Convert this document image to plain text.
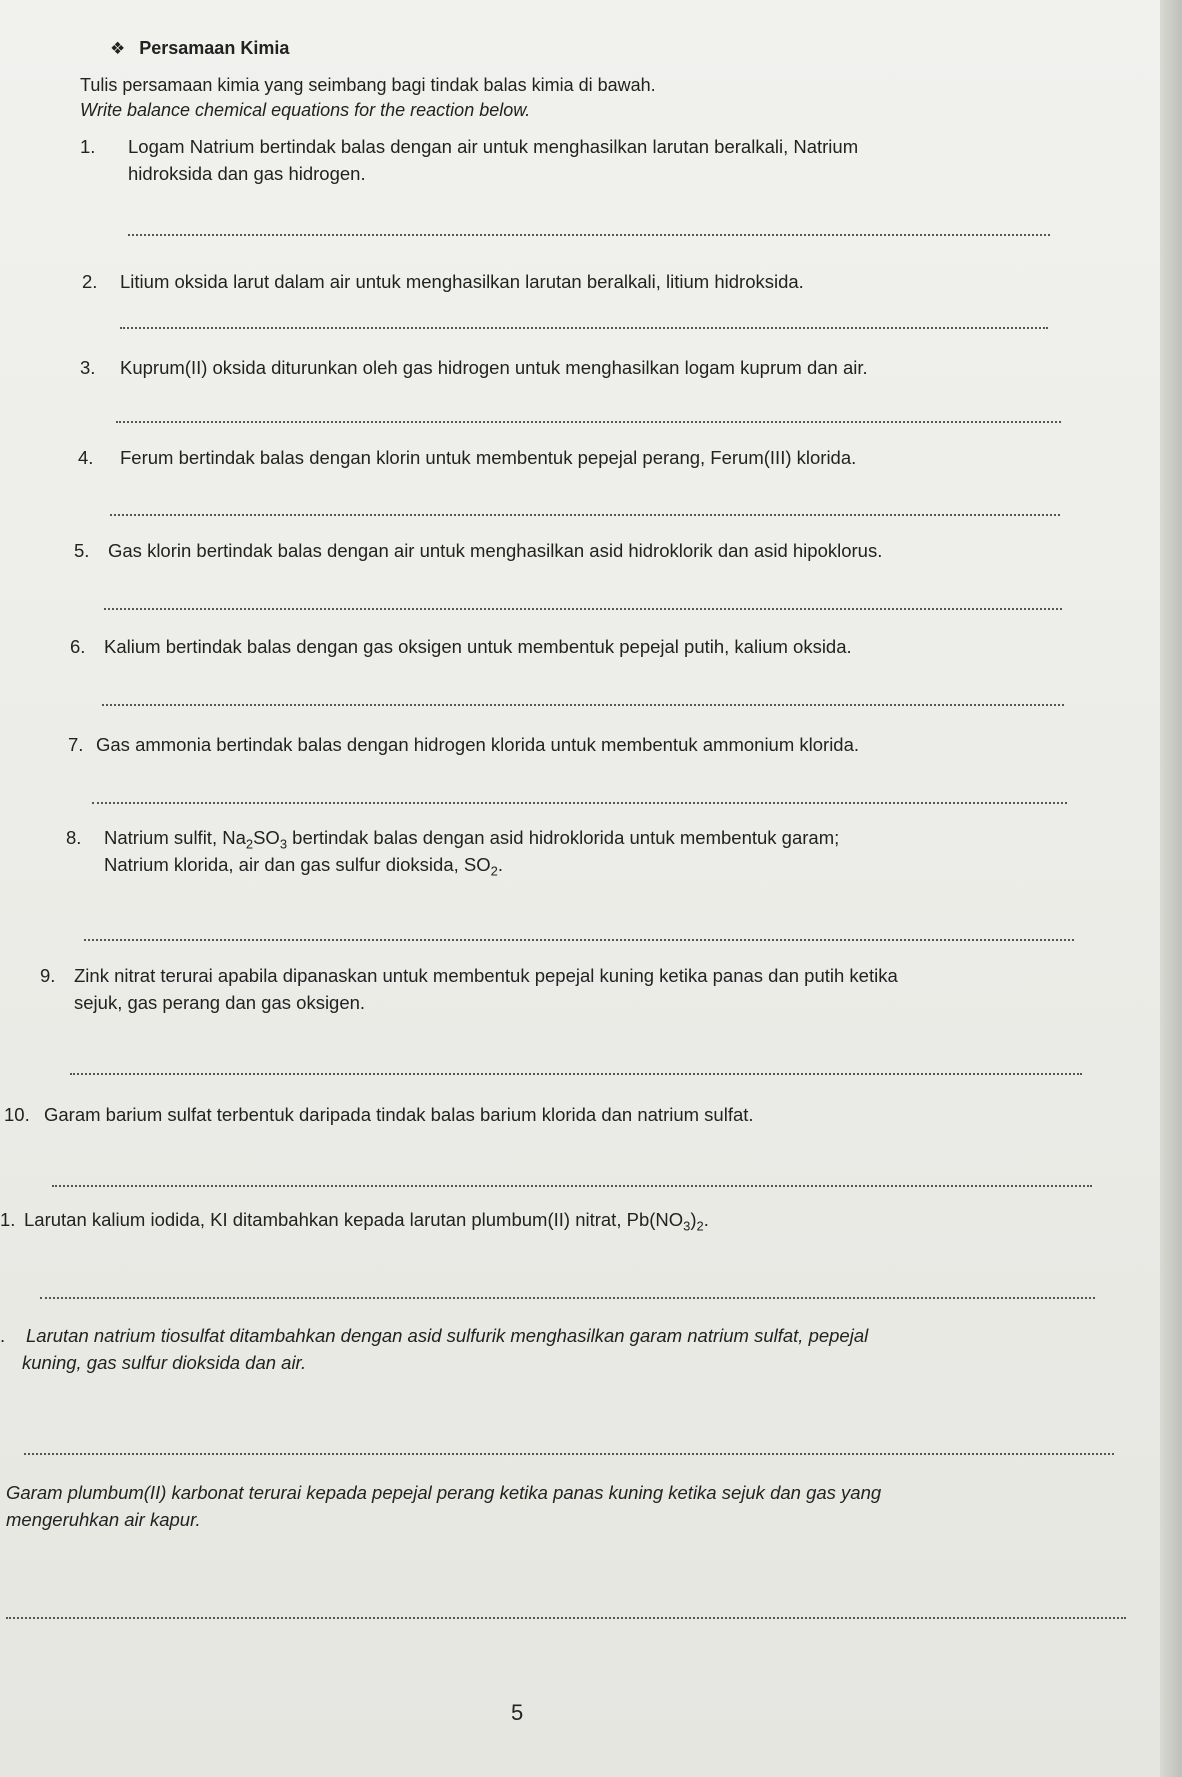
❖ Persamaan Kimia
Tulis persamaan kimia yang seimbang bagi tindak balas kimia di bawah.
Write balance chemical equations for the reaction below.
1. Logam Natrium bertindak balas dengan air untuk menghasilkan larutan beralkali, Natrium
hidroksida dan gas hidrogen.
2. Litium oksida larut dalam air untuk menghasilkan larutan beralkali, litium hidroksida.
3. Kuprum(II) oksida diturunkan oleh gas hidrogen untuk menghasilkan logam kuprum dan air.
4. Ferum bertindak balas dengan klorin untuk membentuk pepejal perang, Ferum(III) klorida.
5. Gas klorin bertindak balas dengan air untuk menghasilkan asid hidroklorik dan asid hipoklorus.
6. Kalium bertindak balas dengan gas oksigen untuk membentuk pepejal putih, kalium oksida.
7. Gas ammonia bertindak balas dengan hidrogen klorida untuk membentuk ammonium klorida.
8. Natrium sulfit, $Na_2SO_3$ bertindak balas dengan asid hidroklorida untuk membentuk garam;
Natrium klorida, air dan gas sulfur dioksida, $SO_2$.
9. Zink nitrat terurai apabila dipanaskan untuk membentuk pepejal kuning ketika panas dan putih ketika
sejuk, gas perang dan gas oksigen.
10. Garam barium sulfat terbentuk daripada tindak balas barium klorida dan natrium sulfat.
1. Larutan kalium iodida, KI ditambahkan kepada larutan plumbum(II) nitrat, $Pb(NO_3)_2$.
. Larutan natrium tiosulfat ditambahkan dengan asid sulfurik menghasilkan garam natrium sulfat, pepejal
kuning, gas sulfur dioksida dan air.
Garam plumbum(II) karbonat terurai kepada pepejal perang ketika panas kuning ketika sejuk dan gas yang
mengeruhkan air kapur.
5
